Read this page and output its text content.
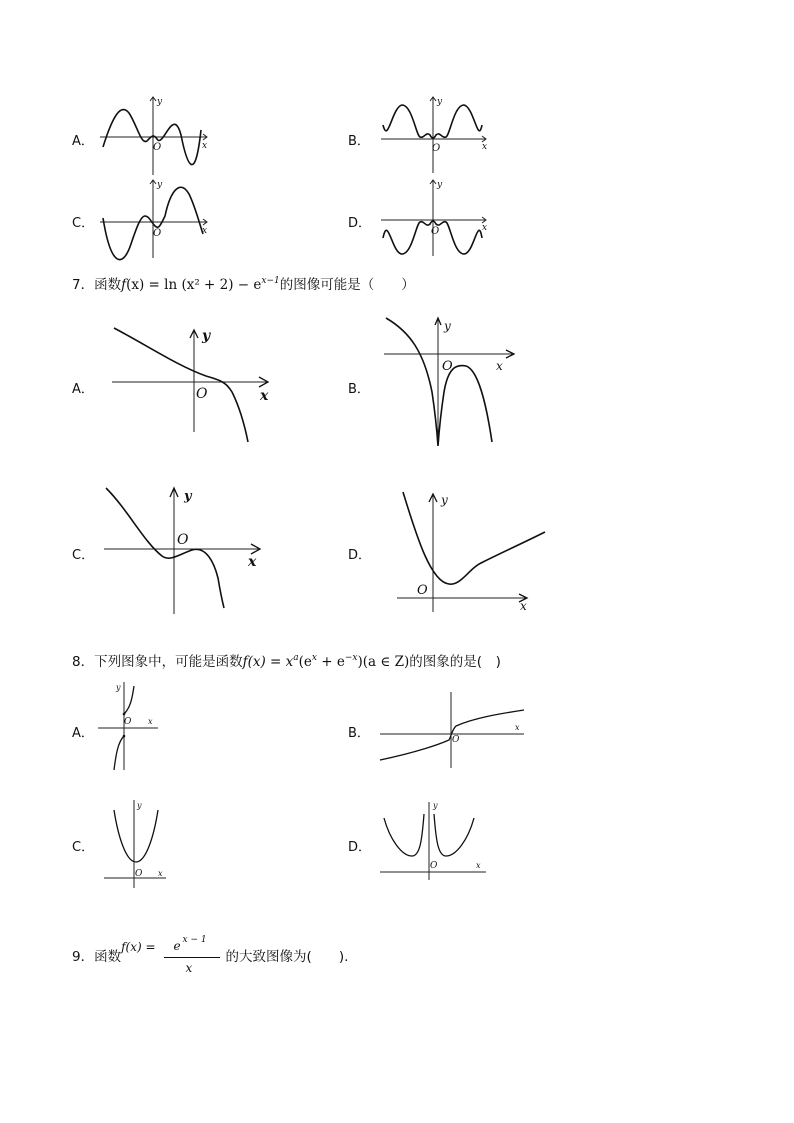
A．
y
x
O	B．
y
x
O
C．
y
x
O
D．
y
x
O
7．函数$f(x) = \ln (x^2 + 2) - e^{x-1}$的图像可能是（　　）
A．
y
x
O	B．
y
x
O
C．
y
x
O
D．
y
x
O
8．下列图象中，可能是函数$f(x) = x^a(e^x + e^{-x})(a$ ∈ Z)的图象的是(　)
A．
y
x
O
B．	x
O
C．
y
x
O
D．
y
x
O
9．函数f(x) = e x − 1
x
的大致图像为(　　).
